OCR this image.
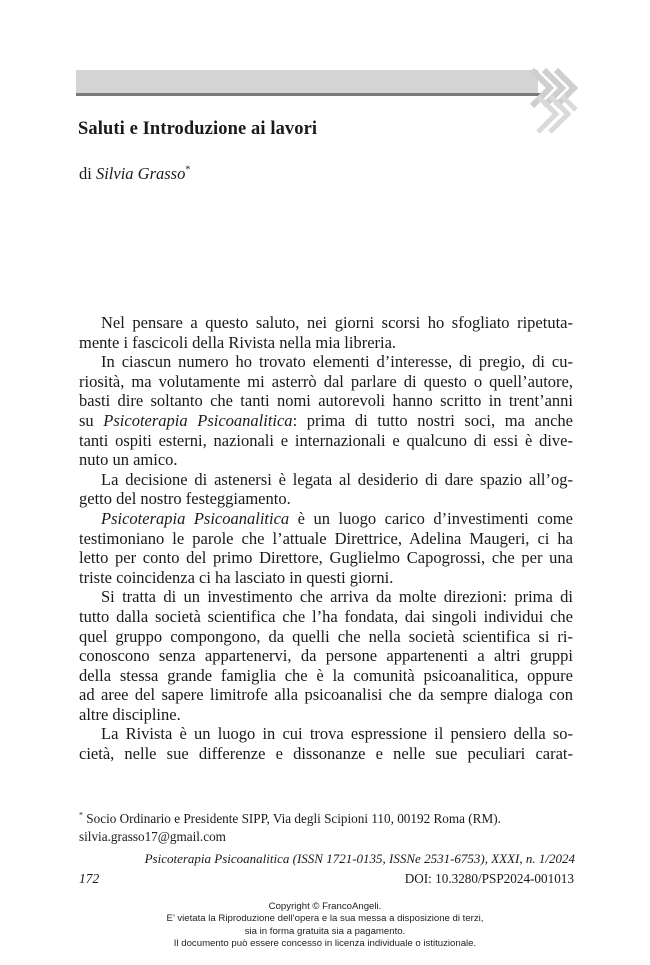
Saluti e Introduzione ai lavori
di Silvia Grasso*

Nel pensare a questo saluto, nei giorni scorsi ho sfogliato ripetuta-
mente i fascicoli della Rivista nella mia libreria.

In ciascun numero ho trovato elementi d’interesse, di pregio, di cu-
riosità, ma volutamente mi asterrò dal parlare di questo o quell’autore,
basti dire soltanto che tanti nomi autorevoli hanno scritto in trent’anni
su Psicoterapia Psicoanalitica: prima di tutto nostri soci, ma anche
tanti ospiti esterni, nazionali e internazionali e qualcuno di essi è dive-
nuto un amico.

La decisione di astenersi è legata al desiderio di dare spazio all’og-
getto del nostro festeggiamento.

Psicoterapia Psicoanalitica è un luogo carico d’investimenti come
testimoniano le parole che l’attuale Direttrice, Adelina Maugeri, ci ha
letto per conto del primo Direttore, Guglielmo Capogrossi, che per una
triste coincidenza ci ha lasciato in questi giorni.

Si tratta di un investimento che arriva da molte direzioni: prima di
tutto dalla società scientifica che l’ha fondata, dai singoli individui che
quel gruppo compongono, da quelli che nella società scientifica si ri-
conoscono senza appartenervi, da persone appartenenti a altri gruppi
della stessa grande famiglia che è la comunità psicoanalitica, oppure
ad aree del sapere limitrofe alla psicoanalisi che da sempre dialoga con
altre discipline.

La Rivista è un luogo in cui trova espressione il pensiero della so-
cietà, nelle sue differenze e dissonanze e nelle sue peculiari carat-

* Socio Ordinario e Presidente SIPP, Via degli Scipioni 110, 00192 Roma (RM).
silvia.grasso17@gmail.com
Psicoterapia Psicoanalitica (ISSN 1721-0135, ISSNe 2531-6753), XXXI, n. 1/2024
172	DOI: 10.3280/PSP2024-001013
Copyright © FrancoAngeli.
E’ vietata la Riproduzione dell’opera e la sua messa a disposizione di terzi,
sia in forma gratuita sia a pagamento.
Il documento può essere concesso in licenza individuale o istituzionale.
